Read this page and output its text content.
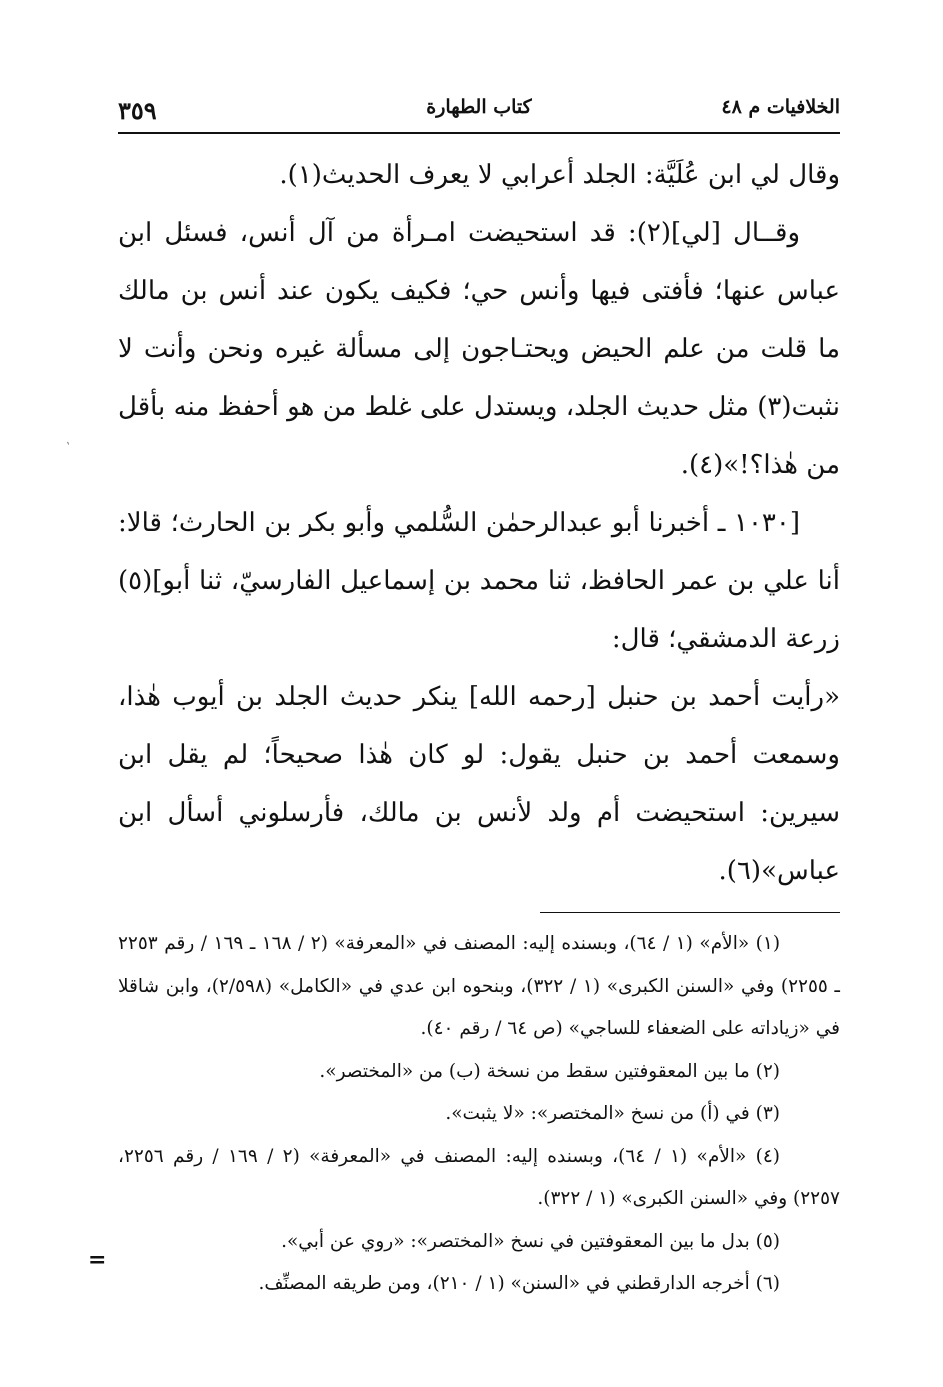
الخلافيات م ٤٨
كتاب الطهارة
٣٥٩

وقال لي ابن عُلَيَّة: الجلد أعرابي لا يعرف الحديث(١).

وقــال [لي](٢): قد استحيضت امـرأة من آل أنس، فسئل ابن عباس عنها؛ فأفتى فيها وأنس حي؛ فكيف يكون عند أنس بن مالك ما قلت من علم الحيض ويحتـاجون إلى مسألة غيره ونحن وأنت لا نثبت(٣) مثل حديث الجلد، ويستدل على غلط من هو أحفظ منه بأقل من هٰذا؟!»(٤).

[١٠٣٠ ـ أخبرنا أبو عبدالرحمٰن السُّلمي وأبو بكر بن الحارث؛ قالا: أنا علي بن عمر الحافظ، ثنا محمد بن إسماعيل الفارسيّ، ثنا أبو](٥) زرعة الدمشقي؛ قال:

«رأيت أحمد بن حنبل [رحمه الله] ينكر حديث الجلد بن أيوب هٰذا، وسمعت أحمد بن حنبل يقول: لو كان هٰذا صحيحاً؛ لم يقل ابن سيرين: استحيضت أم ولد لأنس بن مالك، فأرسلوني أسأل ابن عباس»(٦).

(١) «الأم» (١ / ٦٤)، وبسنده إليه: المصنف في «المعرفة» (٢ / ١٦٨ ـ ١٦٩ / رقم ٢٢٥٣ ـ ٢٢٥٥) وفي «السنن الكبرى» (١ / ٣٢٢)، وبنحوه ابن عدي في «الكامل» (٢/٥٩٨)، وابن شاقلا في «زياداته على الضعفاء للساجي» (ص ٦٤ / رقم ٤٠).

(٢) ما بين المعقوفتين سقط من نسخة (ب) من «المختصر».

(٣) في (أ) من نسخ «المختصر»: «لا يثبت».

(٤) «الأم» (١ / ٦٤)، وبسنده إليه: المصنف في «المعرفة» (٢ / ١٦٩ / رقم ٢٢٥٦، ٢٢٥٧) وفي «السنن الكبرى» (١ / ٣٢٢).

(٥) بدل ما بين المعقوفتين في نسخ «المختصر»: «روي عن أبي».

(٦) أخرجه الدارقطني في «السنن» (١ / ٢١٠)، ومن طريقه المصنِّف.

=
ˎ
